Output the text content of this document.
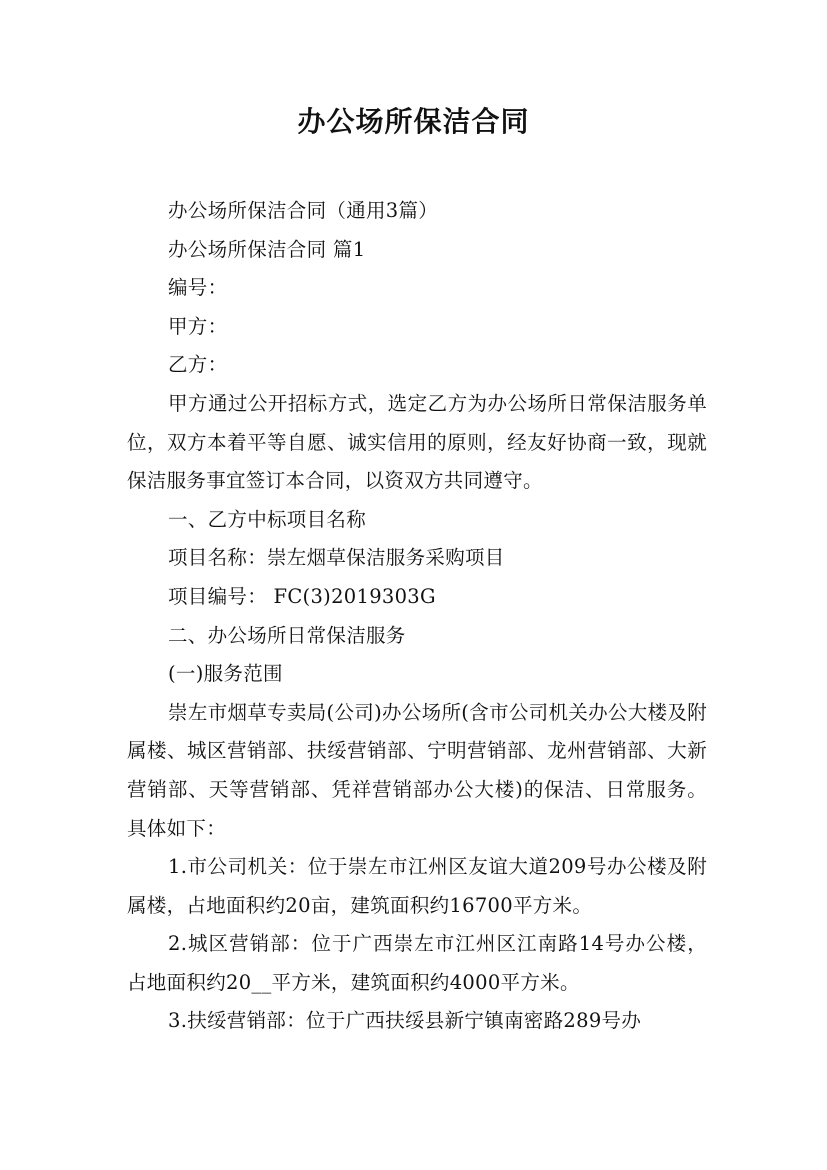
办公场所保洁合同

办公场所保洁合同（通用3篇）

办公场所保洁合同 篇1

编号：

甲方：

乙方：

甲方通过公开招标方式，选定乙方为办公场所日常保洁服务单位，双方本着平等自愿、诚实信用的原则，经友好协商一致，现就保洁服务事宜签订本合同，以资双方共同遵守。

一、乙方中标项目名称

项目名称：崇左烟草保洁服务采购项目

项目编号： FC(3)2019303G

二、办公场所日常保洁服务

(一)服务范围

崇左市烟草专卖局(公司)办公场所(含市公司机关办公大楼及附属楼、城区营销部、扶绥营销部、宁明营销部、龙州营销部、大新营销部、天等营销部、凭祥营销部办公大楼)的保洁、日常服务。具体如下：

1.市公司机关：位于崇左市江州区友谊大道209号办公楼及附属楼，占地面积约20亩，建筑面积约16700平方米。

2.城区营销部：位于广西崇左市江州区江南路14号办公楼，占地面积约20__平方米，建筑面积约4000平方米。

3.扶绥营销部：位于广西扶绥县新宁镇南密路289号办
